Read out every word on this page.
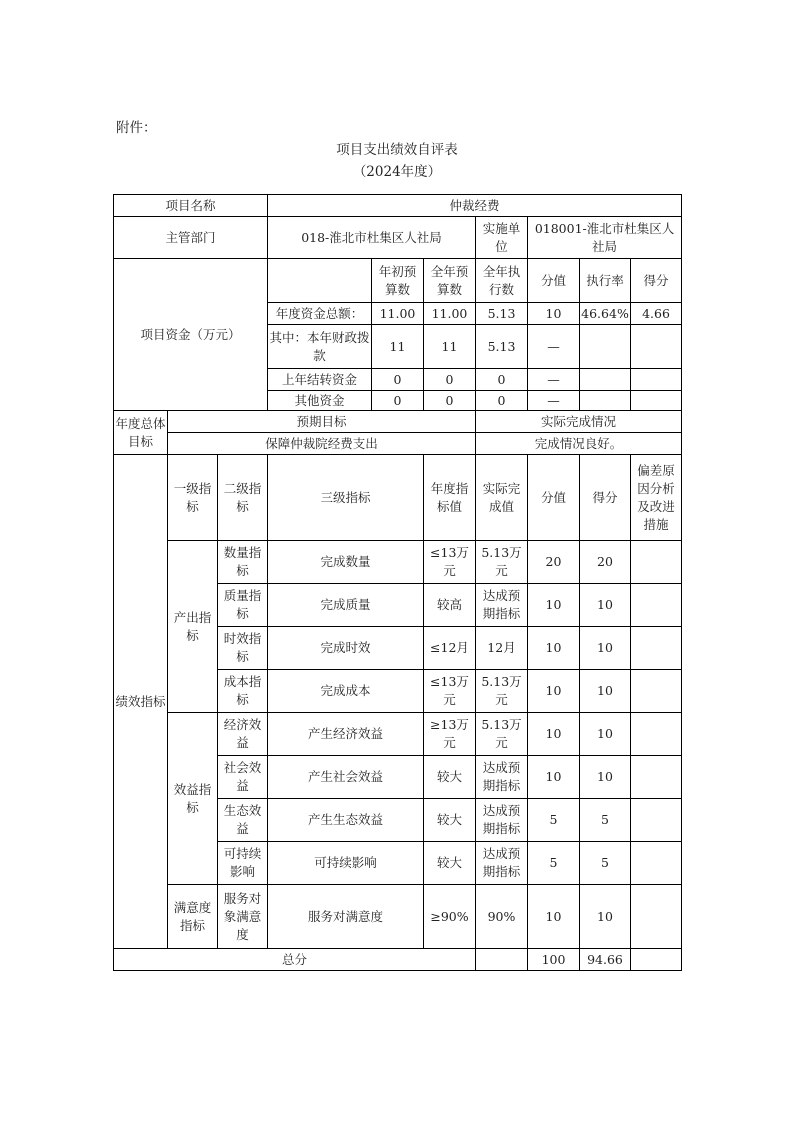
附件：
项目支出绩效自评表
（2024年度）
项目名称			仲裁经费						
主管部门			018-淮北市杜集区人社局			实施单位	018001-淮北市杜集区人社局		
项目资金（万元）				年初预算数	全年预算数	全年执行数	分值	执行率	得分
			年度资金总额：	11.00	11.00	5.13	10	46.64%	4.66
			其中：本年财政拨款	11	11	5.13	—		
			上年结转资金	0	0	0	—		
			其他资金	0	0	0	—		
年度总体目标	预期目标					实际完成情况			
	保障仲裁院经费支出					完成情况良好。			
绩效指标	一级指标	二级指标	三级指标		年度指标值	实际完成值	分值	得分	偏差原因分析及改进措施
	产出指标	数量指标	完成数量		≤13万元	5.13万元	20	20	
		质量指标	完成质量		较高	达成预期指标	10	10	
		时效指标	完成时效		≤12月	12月	10	10	
		成本指标	完成成本		≤13万元	5.13万元	10	10	
	效益指标	经济效益	产生经济效益		≥13万元	5.13万元	10	10	
		社会效益	产生社会效益		较大	达成预期指标	10	10	
		生态效益	产生生态效益		较大	达成预期指标	5	5	
		可持续影响	可持续影响		较大	达成预期指标	5	5	
	满意度指标	服务对象满意度	服务对满意度		≥90%	90%	10	10	
总分							100	94.66	
